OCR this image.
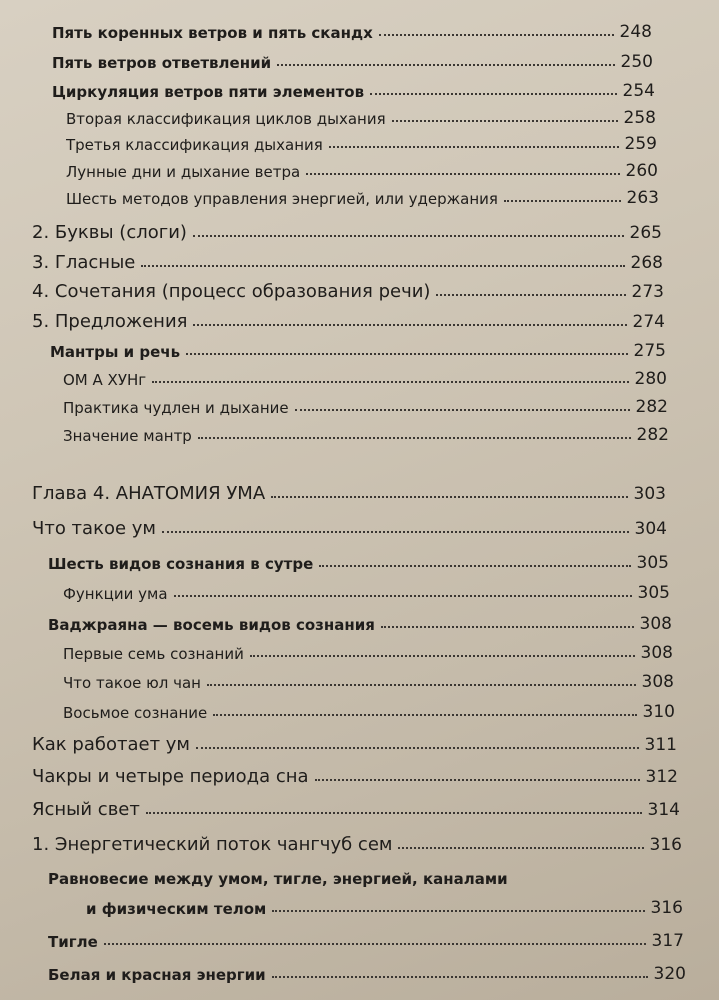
Пять коренных ветров и пять скандх	248
Пять ветров ответвлений	250
Циркуляция ветров пяти элементов	254
Вторая классификация циклов дыхания	258
Третья классификация дыхания	259
Лунные дни и дыхание ветра	260
Шесть методов управления энергией, или удержания	263
2. Буквы (слоги)	265
3. Гласные	268
4. Сочетания (процесс образования речи)	273
5. Предложения	274
Мантры и речь	275
ОМ А ХУНг	280
Практика чудлен и дыхание	282
Значение мантр	282
Глава 4. АНАТОМИЯ УМА	303
Что такое ум	304
Шесть видов сознания в сутре	305
Функции ума	305
Ваджраяна — восемь видов сознания	308
Первые семь сознаний	308
Что такое юл чан	308
Восьмое сознание	310
Как работает ум	311
Чакры и четыре периода сна	312
Ясный свет	314
1. Энергетический поток чангчуб сем	316
Равновесие между умом, тигле, энергией, каналами
и физическим телом	316
Тигле	317
Белая и красная энергии	320
